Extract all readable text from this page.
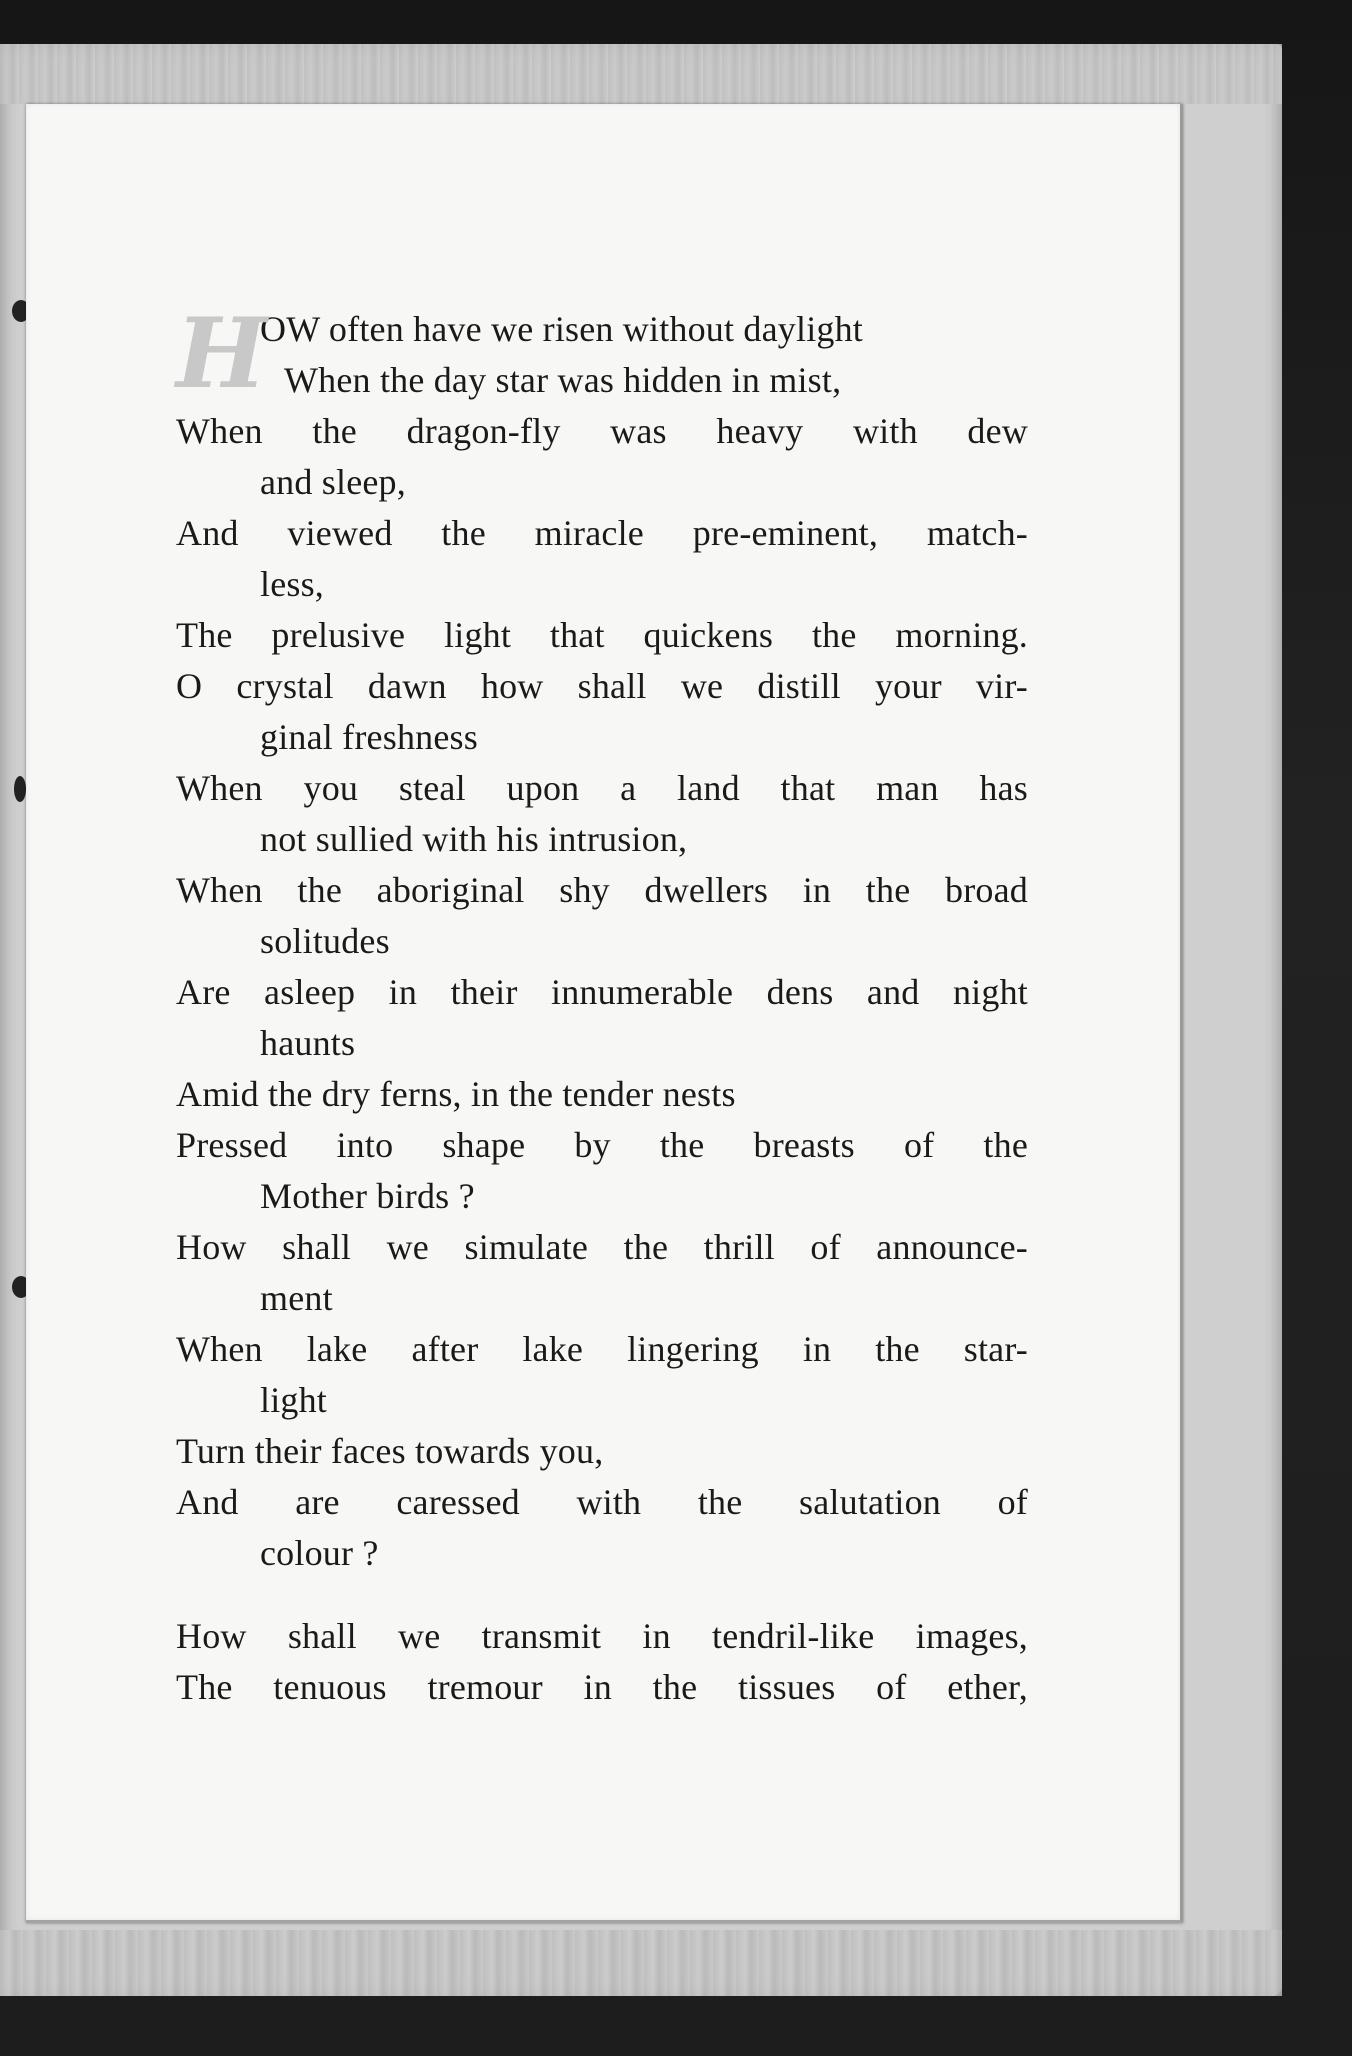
H
OW often have we risen without daylight
When the day star was hidden in mist,
When the dragon-fly was heavy with dew
and sleep,
And viewed the miracle pre-eminent, match-
less,
The prelusive light that quickens the morning.
O crystal dawn how shall we distill your vir-
ginal freshness
When you steal upon a land that man has
not sullied with his intrusion,
When the aboriginal shy dwellers in the broad
solitudes
Are asleep in their innumerable dens and night
haunts
Amid the dry ferns, in the tender nests
Pressed into shape by the breasts of the
Mother birds ?
How shall we simulate the thrill of announce-
ment
When lake after lake lingering in the star-
light
Turn their faces towards you,
And are caressed with the salutation of
colour ?
How shall we transmit in tendril-like images,
The tenuous tremour in the tissues of ether,
